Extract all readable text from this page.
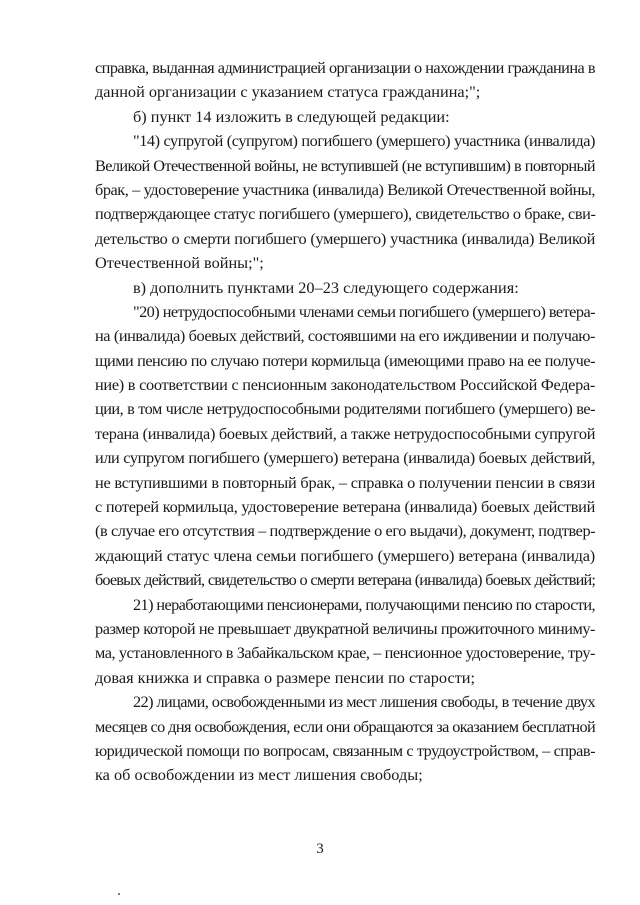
справка, выданная администрацией организации о нахождении гражданина в
данной организации с указанием статуса гражданина;";
б) пункт 14 изложить в следующей редакции:
"14) супругой (супругом) погибшего (умершего) участника (инвалида)
Великой Отечественной войны, не вступившей (не вступившим) в повторный
брак, – удостоверение участника (инвалида) Великой Отечественной войны,
подтверждающее статус погибшего (умершего), свидетельство о браке, сви-
детельство о смерти погибшего (умершего) участника (инвалида) Великой
Отечественной войны;";
в) дополнить пунктами 20–23 следующего содержания:
"20) нетрудоспособными членами семьи погибшего (умершего) ветера-
на (инвалида) боевых действий, состоявшими на его иждивении и получаю-
щими пенсию по случаю потери кормильца (имеющими право на ее получе-
ние) в соответствии с пенсионным законодательством Российской Федера-
ции, в том числе нетрудоспособными родителями погибшего (умершего) ве-
терана (инвалида) боевых действий, а также нетрудоспособными супругой
или супругом погибшего (умершего) ветерана (инвалида) боевых действий,
не вступившими в повторный брак, – справка о получении пенсии в связи
с потерей кормильца, удостоверение ветерана (инвалида) боевых действий
(в случае его отсутствия – подтверждение о его выдачи), документ, подтвер-
ждающий статус члена семьи погибшего (умершего) ветерана (инвалида)
боевых действий, свидетельство о смерти ветерана (инвалида) боевых действий;
21) неработающими пенсионерами, получающими пенсию по старости,
размер которой не превышает двукратной величины прожиточного миниму-
ма, установленного в Забайкальском крае, – пенсионное удостоверение, тру-
довая книжка и справка о размере пенсии по старости;
22) лицами, освобожденными из мест лишения свободы, в течение двух
месяцев со дня освобождения, если они обращаются за оказанием бесплатной
юридической помощи по вопросам, связанным с трудоустройством, – справ-
ка об освобождении из мест лишения свободы;
3
